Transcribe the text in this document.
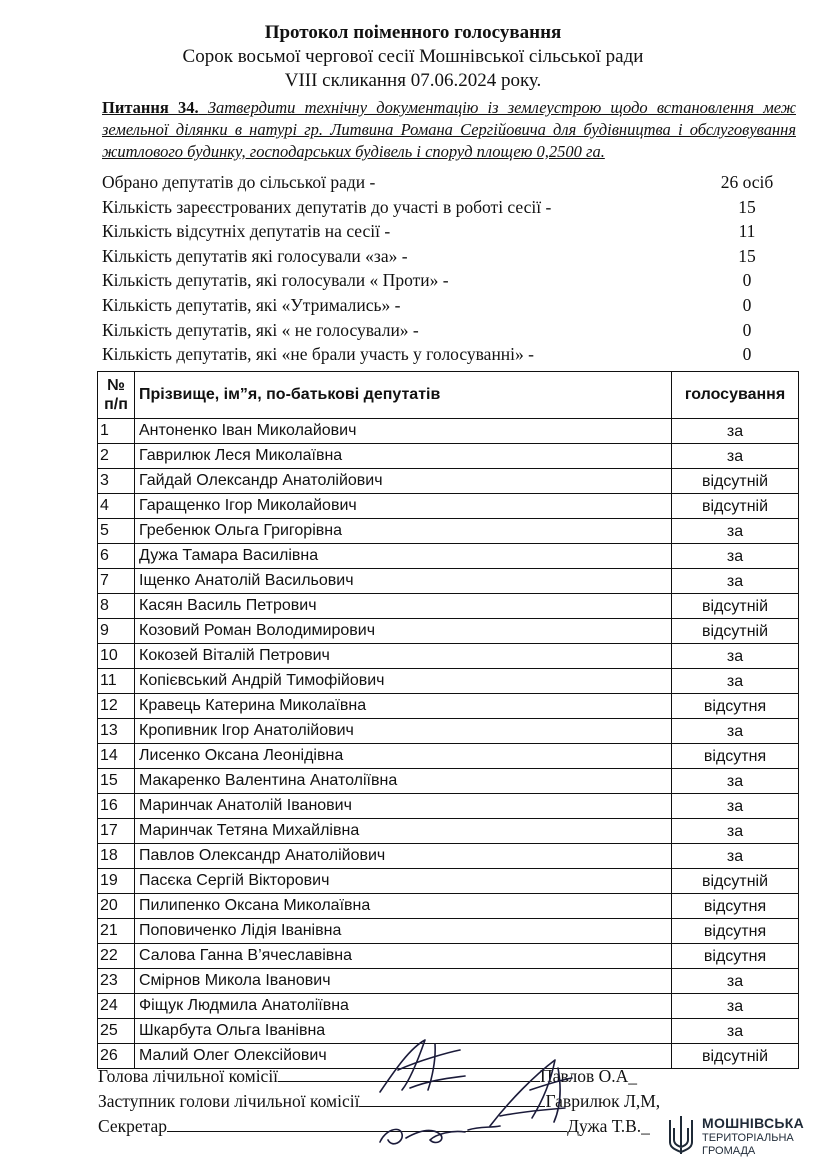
Протокол поіменного голосування
Сорок восьмої чергової сесії Мошнівської сільської ради
VIII скликання 07.06.2024 року.
Питання 34. Затвердити технічну документацію із землеустрою щодо встановлення меж земельної ділянки в натурі гр. Литвина Романа Сергійовича для будівництва і обслуговування житлового будинку, господарських будівель і споруд площею 0,2500 га.
Обрано депутатів до сільської ради -	26 осіб
Кількість зареєстрованих депутатів до участі в роботі сесії -	15
Кількість відсутніх депутатів на сесії -	11
Кількість депутатів які голосували «за» -	15
Кількість депутатів, які голосували « Проти» -	0
Кількість депутатів, які «Утримались» -	0
Кількість депутатів, які « не голосували» -	0
Кількість депутатів, які «не брали участь у голосуванні» -	0
№
п/п	Прізвище, ім”я, по-батькові депутатів	голосування
1	Антоненко Іван Миколайович	за
2	Гаврилюк Леся Миколаївна	за
3	Гайдай Олександр Анатолійович	відсутній
4	Гаращенко Ігор Миколайович	відсутній
5	Гребенюк Ольга Григорівна	за
6	Дужа Тамара Василівна	за
7	Іщенко Анатолій Васильович	за
8	Касян Василь Петрович	відсутній
9	Козовий Роман Володимирович	відсутній
10	Кокозей Віталій Петрович	за
11	Копієвський Андрій Тимофійович	за
12	Кравець Катерина Миколаївна	відсутня
13	Кропивник Ігор Анатолійович	за
14	Лисенко Оксана Леонідівна	відсутня
15	Макаренко Валентина Анатоліївна	за
16	Маринчак Анатолій Іванович	за
17	Маринчак Тетяна Михайлівна	за
18	Павлов Олександр Анатолійович	за
19	Пасєка Сергій Вікторович	відсутній
20	Пилипенко Оксана Миколаївна	відсутня
21	Поповиченко Лідія Іванівна	відсутня
22	Салова Ганна В’ячеславівна	відсутня
23	Смірнов Микола Іванович	за
24	Фіщук Людмила Анатоліївна	за
25	Шкарбута Ольга Іванівна	за
26	Малий Олег Олексійович	відсутній
Голова лічильної комісії	Павлов О.А_
Заступник голови лічильної комісії	Гаврилюк Л,М,
Секретар	Дужа Т.В._	МОШНІВСЬКА
ТЕРИТОРІАЛЬНА
ГРОМАДА
